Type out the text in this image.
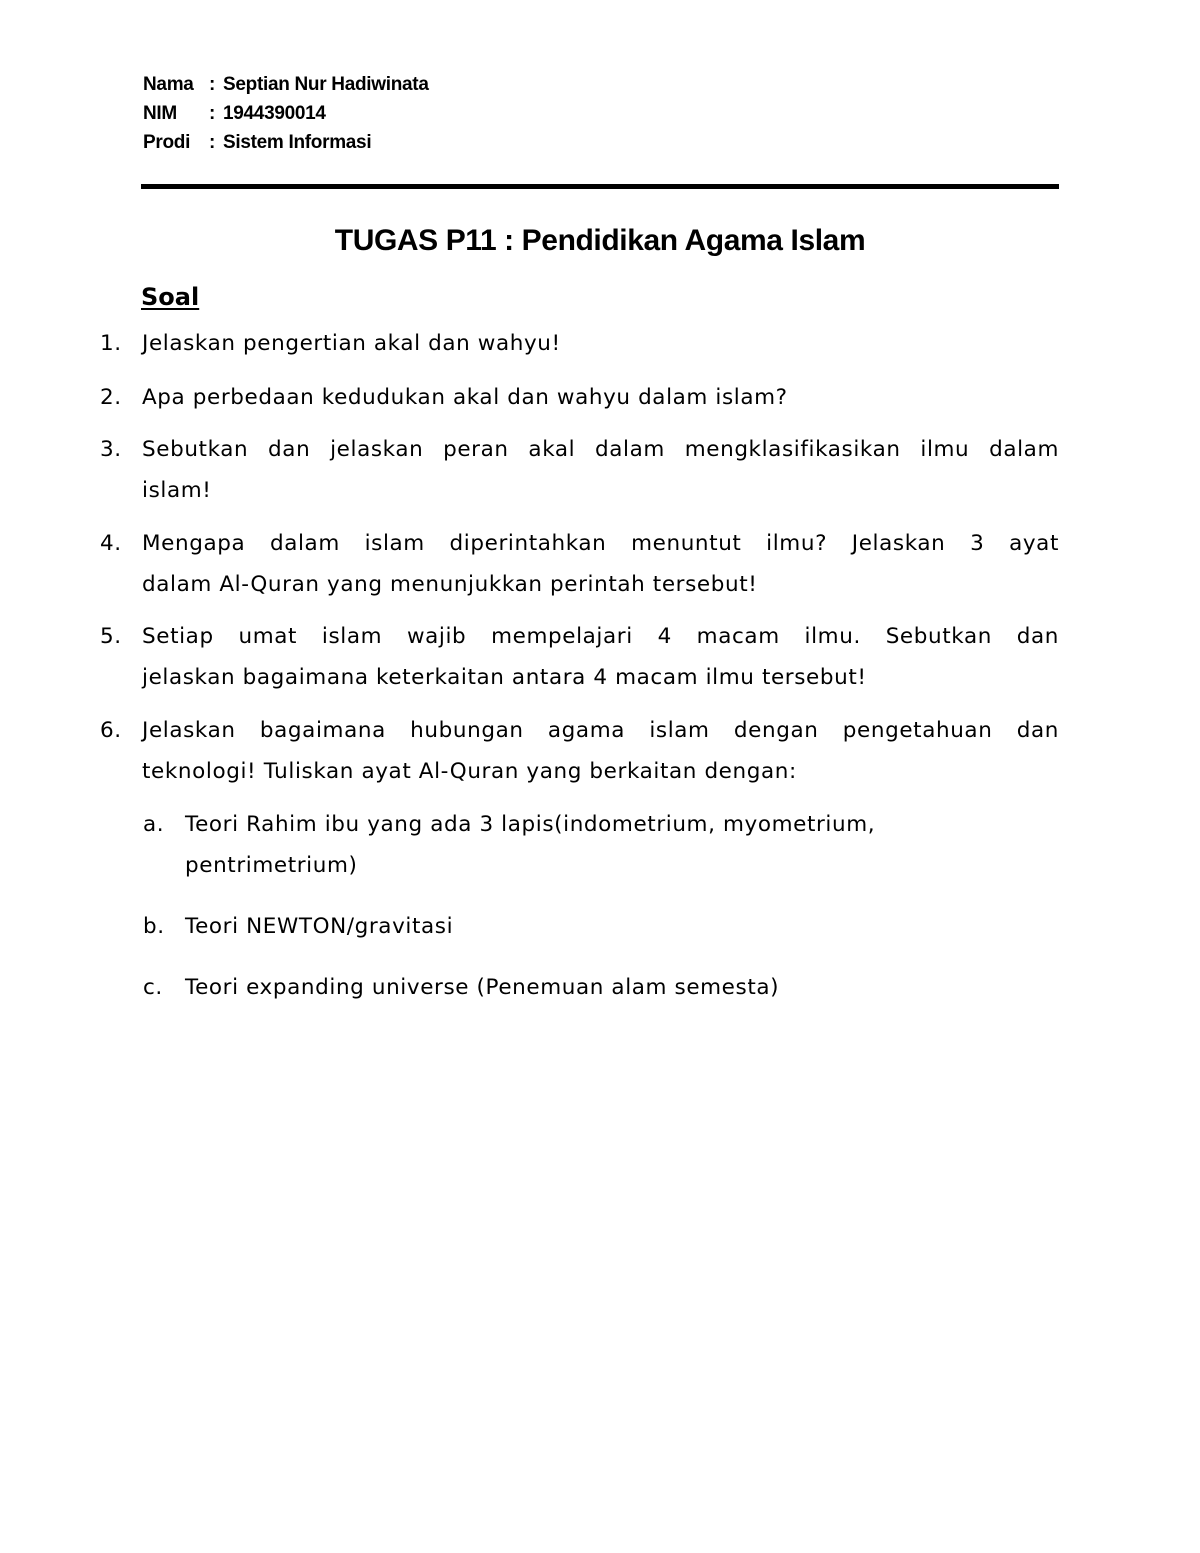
Nama : Septian Nur Hadiwinata
NIM	: 1944390014
Prodi : Sistem Informasi
TUGAS P11 : Pendidikan Agama Islam
Soal
1. Jelaskan pengertian akal dan wahyu!
2. Apa perbedaan kedudukan akal dan wahyu dalam islam?
3. Sebutkan dan jelaskan peran akal dalam mengklasifikasikan ilmu dalam
islam!
4. Mengapa dalam islam diperintahkan menuntut ilmu? Jelaskan 3 ayat
dalam Al-Quran yang menunjukkan perintah tersebut!
5. Setiap umat islam wajib mempelajari 4 macam ilmu. Sebutkan dan
jelaskan bagaimana keterkaitan antara 4 macam ilmu tersebut!
6. Jelaskan bagaimana hubungan agama islam dengan pengetahuan dan
teknologi! Tuliskan ayat Al-Quran yang berkaitan dengan:
a. Teori Rahim ibu yang ada 3 lapis(indometrium, myometrium,
pentrimetrium)
b. Teori NEWTON/gravitasi
c.	Teori expanding universe (Penemuan alam semesta)
